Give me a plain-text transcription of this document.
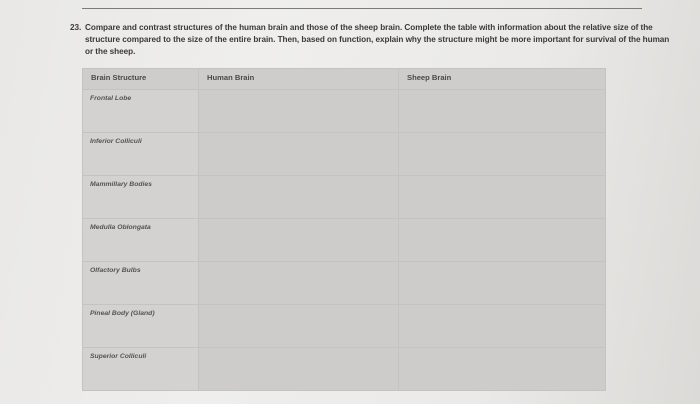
23. Compare and contrast structures of the human brain and those of the sheep brain. Complete the table with information about the relative size of the
structure compared to the size of the entire brain. Then, based on function, explain why the structure might be more important for survival of the human
or the sheep.
Brain Structure	Human Brain	Sheep Brain
Frontal Lobe		
Inferior Colliculi		
Mammillary Bodies		
Medulla Oblongata		
Olfactory Bulbs		
Pineal Body (Gland)		
Superior Colliculi		
